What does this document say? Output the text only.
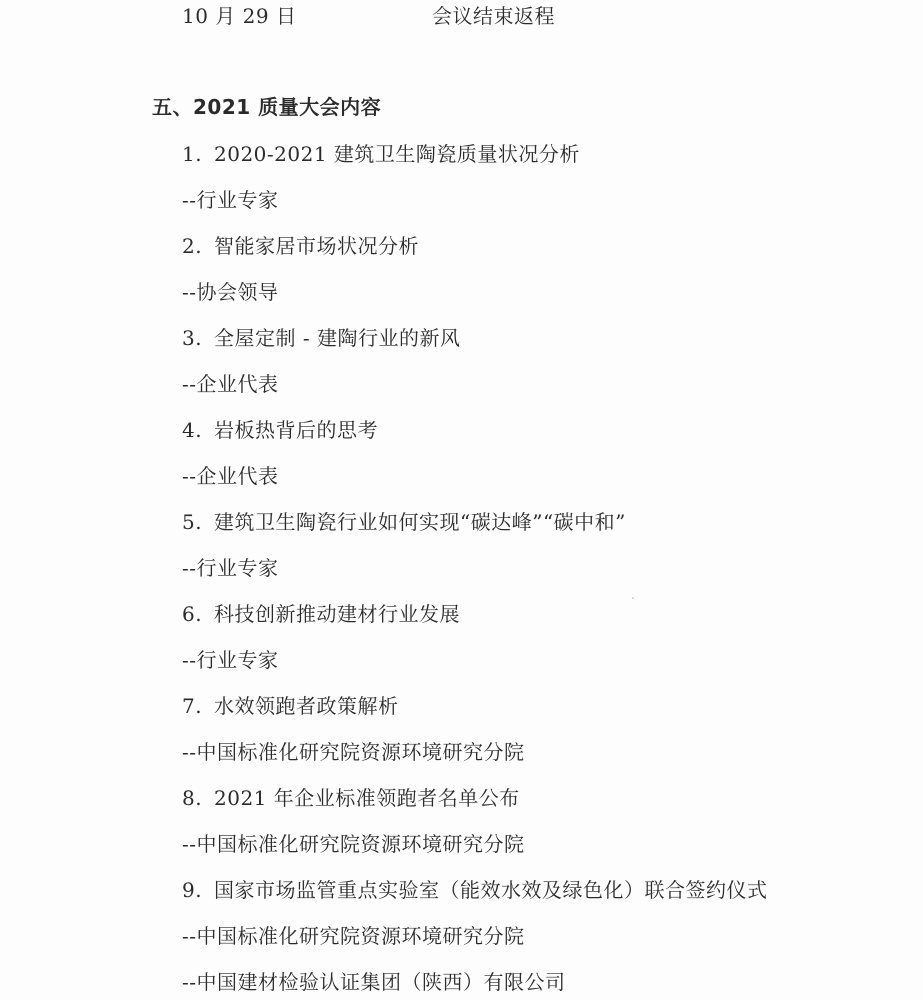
10 月 29 日	会议结束返程
五、2021 质量大会内容
1. 2020-2021 建筑卫生陶瓷质量状况分析
--行业专家
2. 智能家居市场状况分析
--协会领导
3. 全屋定制 - 建陶行业的新风
--企业代表
4. 岩板热背后的思考
--企业代表
5. 建筑卫生陶瓷行业如何实现“碳达峰”“碳中和”
--行业专家
6. 科技创新推动建材行业发展
--行业专家
7. 水效领跑者政策解析
--中国标准化研究院资源环境研究分院
8. 2021 年企业标准领跑者名单公布
--中国标准化研究院资源环境研究分院
9. 国家市场监管重点实验室（能效水效及绿色化）联合签约仪式
--中国标准化研究院资源环境研究分院
--中国建材检验认证集团（陕西）有限公司
